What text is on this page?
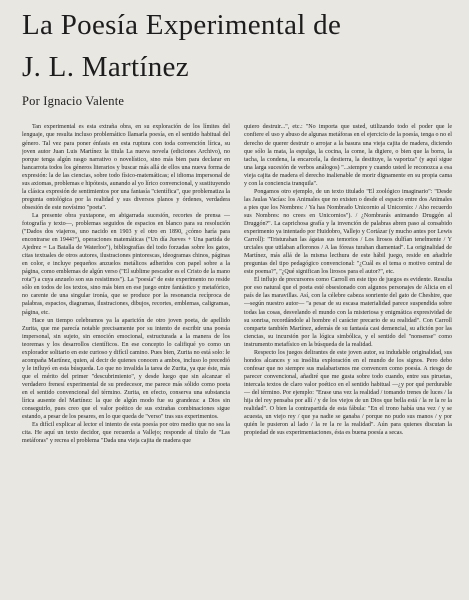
La Poesía Experimental de
J. L. Martínez
Por Ignacio Valente

Tan experimental es esta extraña obra, en su exploración de los límites del lenguaje, que resulta incluso problemático llamarla poesía, en el sentido habitual del género. Tal vez para poner énfasis en esta ruptura con toda convención lírica, su joven autor Juan Luis Martínez la titula La nueva novela (ediciones Archivo), no porque tenga algún rasgo narrativo o novelístico, sino más bien para declarar en hancarrota todos los géneros literarios y buscar más allá de ellos una nueva forma de expresión: la de las ciencias, sobre todo físico-matemáticas; el idioma impersonal de sus axiomas, problemas e hipótesis, aunando al yo lírico convencional, y sustituyendo la clásica expresión de sentimientos por una fantasía "científica", que problematiza la pregunta ontológica por la realidad y sus diversos planos y órdenes, verdadera obsesión de este novísimo "poeta".

La presente obra yuxtapone, en abigarrada sucesión, recortes de prensa —fotografía y texto—, problemas seguidos de espacios en blanco para su resolución ("Dados dos viajeros, uno nacido en 1903 y el otro en 1890, ¿cómo haría para encontrarse en 1944?"), operaciones matemáticas ("Un día Jueves + Una partida de Ajedrez = La Batalla de Waterloo"), bibliografías del todo forzadas sobre los gatos, citas textuales de otros autores, ilustraciones pintorescas, ideogramas chinos, páginas en color, e incluye pequeños anzuelos metálicos adheridos con papel sobre a la página, como emblemas de algún verso ("El sublime pescador es el Cristo de la mano rota") a cuya anzuelo son sus resistimos"). La "poesía" de este experimento no reside sólo en todos de los textos, sino más bien en ese juego entre fantástico y metafórico, no carente de una singular ironía, que se produce por la resonancia recíproca de palabras, espacios, diagramas, ilustraciones, dibujos, recortes, emblemas, caligramas, página, etc.

Hace un tiempo celebramos ya la aparición de otro joven poeta, de apellido Zurita, que me parecía notable precisamente por su intento de escribir una poesía impersonal, sin sujeto, sin emoción emocional, estructurada a la manera de los teoremas y los desarrollos científicos. En ese concepto lo califiqué yo como un explorador solitario en este curioso y difícil camino. Pues bien, Zurita no está solo: le acompaña Martínez, quien, al decir de quienes conocen a ambos, incluso lo precedió y le influyó en esta búsqueda. Lo que no invalida la tarea de Zurita, ya que éste, más que el mérito del primer "descubrimiento", y desde luego que sin alcanzar el verdadero frenesí experimental de su predecesor, me parece más sólido como poeta en el sentido convencional del término. Zurita, en efecto, conserva una substancia lírica ausente del Martínez: la que de algún modo fue su grandeza: a Dios sin conseguirlo, pues creo que el valor poético de sus extrañas combinaciones sigue estando, a pesar de los pesares, en lo que queda de "verso" tras sus experimentos.

Es difícil explicar al lector el intento de esta poesía por otro medio que no sea la cita. He aquí un texto decidor, que recuerda a Vallejo; responde al título de "Las metáforas" y recrea el problema "Dada una vieja cajita de madera que

quiero destruir...", etc.: "No importa que usted, utilizando todo el poder que le confiere el uso y abuso de algunas metáforas en el ejercicio de la poesía, tenga o no el derecho de querer destruir o arrojar a la basura una vieja cajita de madera, diciendo que sólo la mata, la espulga, la cocina, la come, la digiere, o bien que la borra, la tacha, la condena, la encarcela, la destierra, la destituye, la vaporiza" (y aquí sigue una larga sucesión de verbos análogos) "...siempre y cuando usted le reconozca a esa vieja cajita de madera el derecho inalienable de morir dignamente en su propia cama y con la conciencia tranquila".

Pongamos otro ejemplo, de un texto titulado "El zoológico imaginario": "Desde las Jaulas Vacías: los Animales que no existen o desde el espacio entre dos Animales a pies que los Nombres: / Ya has Nombrado Unicornio al Unicornio: / Aho recuerdo sus Nombres: no crees en Unicornios"). / ¿Nombrarás animando Druggón al Druggón?". La caprichosa grafía y la invención de palabras abren paso al consabido experimento ya intentado por Huidobro, Vallejo y Cortázar (y mucho antes por Lewis Carroll): "Tristurahan las ágatas sus temorios / Los lirosos dulfían tenelmente / Y urciales que uttlaban afloronos / A las fóreas turahan diamentad". La originalidad de Martínez, más allá de la misma lecthura de este hábil juego, reside en añadirle preguntas del tipo pedagógico convencional: "¿Cuál es el tema o motivo central de este poema?", "¿Qué significan los lirosos para el autor?", etc.

El influjo de precursores como Carroll en este tipo de juegos es evidente. Resulta por eso natural que el poeta esté obsesionado con algunos personajes de Alicia en el país de las maravillas. Así, con la célebre cabeza sonriente del gato de Cheshire, que —según nuestro autor— "a pesar de su escasa materialidad parece suspendida sobre todas las cosas, desvelando el mundo con la misteriosa y enigmática expresividad de su sonrisa, recordándole al hombre el carácter precario de su realidad". Con Carroll comparte también Martínez, además de su fantasía casi demencial, su afición por las ciencias, su incursión por la lógica simbólica, y el sentido del "nonsense" como instrumento metafísico en la búsqueda de la realidad.

Respecto los juegos delirantes de este joven autor, su indudable originalidad, sus hondos alcances y su insólita exploración en el mundo de los signos. Pero debo confesar que no siempre sus malabarismos me convencen como poesía. A riesgo de parecer convencional, añadiré que me gusta sobre todo cuando, entre sus piruetas, intercala textos de claro valor poético en el sentido habitual —¿y por qué perdurable— del término. Por ejemplo: "Erase una vez la realidad / tomando trenes de luces / la hija del rey pensaba por allí / y de los viejos de un Dios que bella está / la re la re la realidad". O bien la contrapartida de esta fábula: "En el trono había una vez / y se acuesta, un viejo rey / que ya nadie se ganaba / porque no pudo sus manos / y por quién le pusieron al lado / la re la re la realidad". Aún para quienes discutan la propiedad de sus experimentaciones, ésta es buena poesía a secas.
